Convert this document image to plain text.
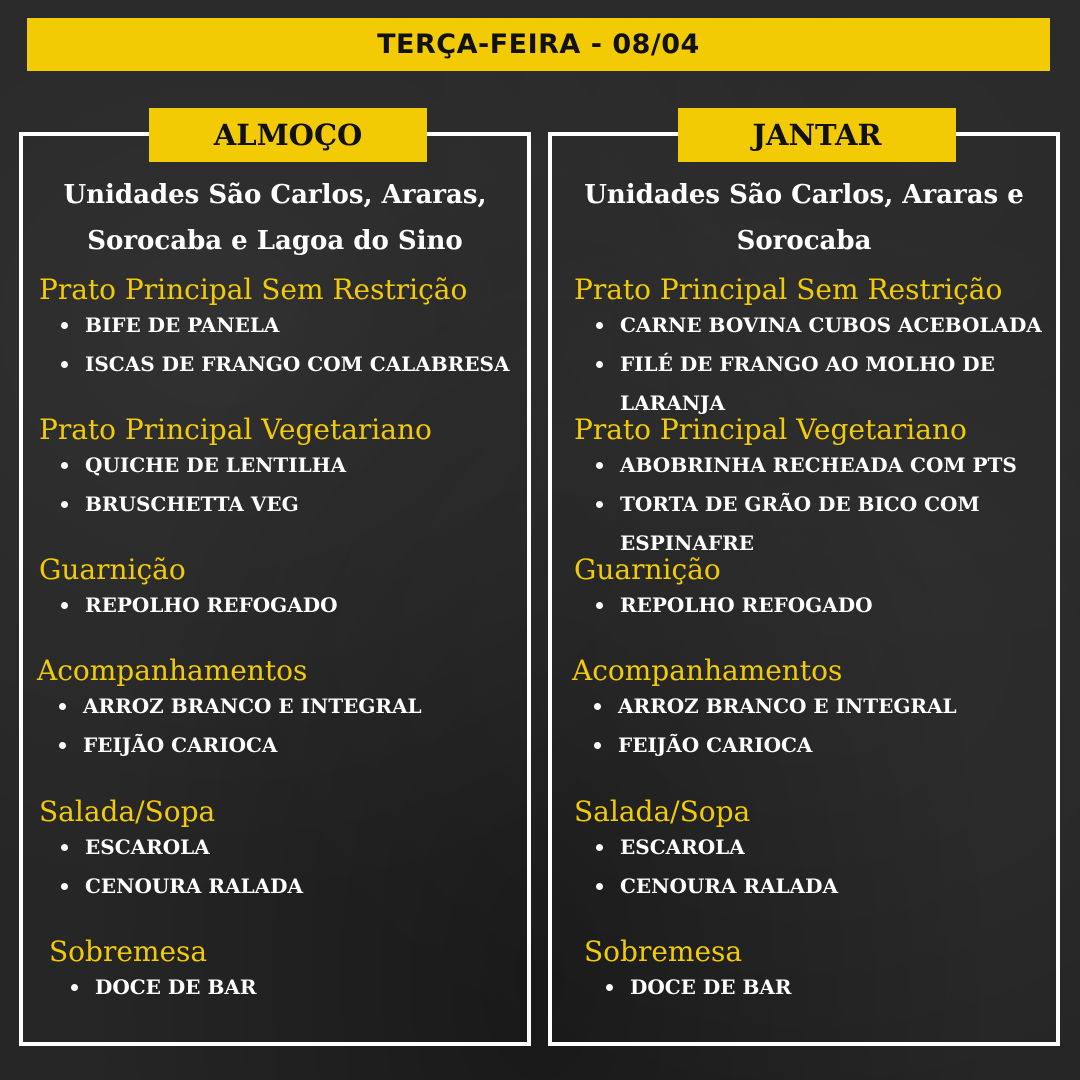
TERÇA-FEIRA - 08/04
ALMOÇO
Unidades São Carlos, Araras,
Sorocaba e Lagoa do Sino
Prato Principal Sem Restrição
BIFE DE PANELA
ISCAS DE FRANGO COM CALABRESA
Prato Principal Vegetariano
QUICHE DE LENTILHA
BRUSCHETTA VEG
Guarnição
REPOLHO REFOGADO
Acompanhamentos
ARROZ BRANCO E INTEGRAL
FEIJÃO CARIOCA
Salada/Sopa
ESCAROLA
CENOURA RALADA
Sobremesa
DOCE DE BAR
JANTAR
Unidades São Carlos, Araras e
Sorocaba
Prato Principal Sem Restrição
CARNE BOVINA CUBOS ACEBOLADA
FILÉ DE FRANGO AO MOLHO DE LARANJA
Prato Principal Vegetariano
ABOBRINHA RECHEADA COM PTS
TORTA DE GRÃO DE BICO COM ESPINAFRE
Guarnição
REPOLHO REFOGADO
Acompanhamentos
ARROZ BRANCO E INTEGRAL
FEIJÃO CARIOCA
Salada/Sopa
ESCAROLA
CENOURA RALADA
Sobremesa
DOCE DE BAR
